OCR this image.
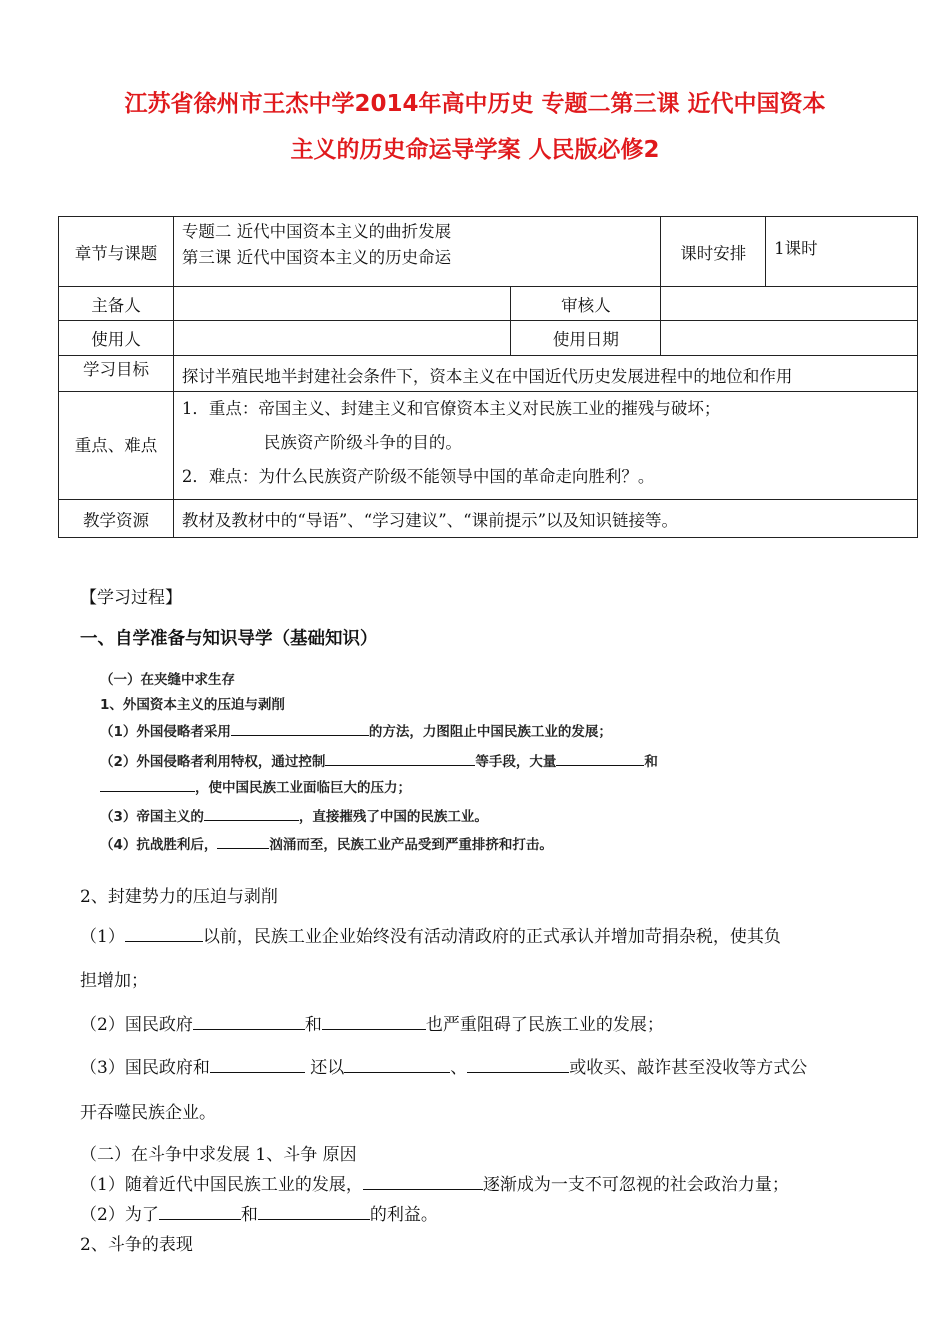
江苏省徐州市王杰中学2014年高中历史 专题二第三课 近代中国资本
主义的历史命运导学案 人民版必修2
章节与课题	专题二 近代中国资本主义的曲折发展
第三课 近代中国资本主义的历史命运		课时安排	1课时
主备人		审核人		
使用人		使用日期		
学习目标	探讨半殖民地半封建社会条件下，资本主义在中国近代历史发展进程中的地位和作用			
重点、难点	1．重点：帝国主义、封建主义和官僚资本主义对民族工业的摧残与破坏；
民族资产阶级斗争的目的。
2．难点：为什么民族资产阶级不能领导中国的革命走向胜利？。			

教学资源	教材及教材中的“导语”、“学习建议”、“课前提示”以及知识链接等。			
【学习过程】
一、自学准备与知识导学（基础知识）
（一）在夹缝中求生存
1、外国资本主义的压迫与剥削
（1）外国侵略者采用	的方法，力图阻止中国民族工业的发展；
（2）外国侵略者利用特权，通过控制	等手段，大量	和
，使中国民族工业面临巨大的压力；
（3）帝国主义的	，直接摧残了中国的民族工业。
（4）抗战胜利后，	汹涌而至，民族工业产品受到严重排挤和打击。
2、封建势力的压迫与剥削
（1）	以前，民族工业企业始终没有活动清政府的正式承认并增加苛捐杂税，使其负
担增加；
（2）国民政府	和	也严重阻碍了民族工业的发展；
（3）国民政府和	还以	、	或收买、敲诈甚至没收等方式公
开吞噬民族企业。
（二）在斗争中求发展 1、斗争 原因
（1）随着近代中国民族工业的发展，	逐渐成为一支不可忽视的社会政治力量；
（2）为了	和	的利益。
2、斗争的表现
